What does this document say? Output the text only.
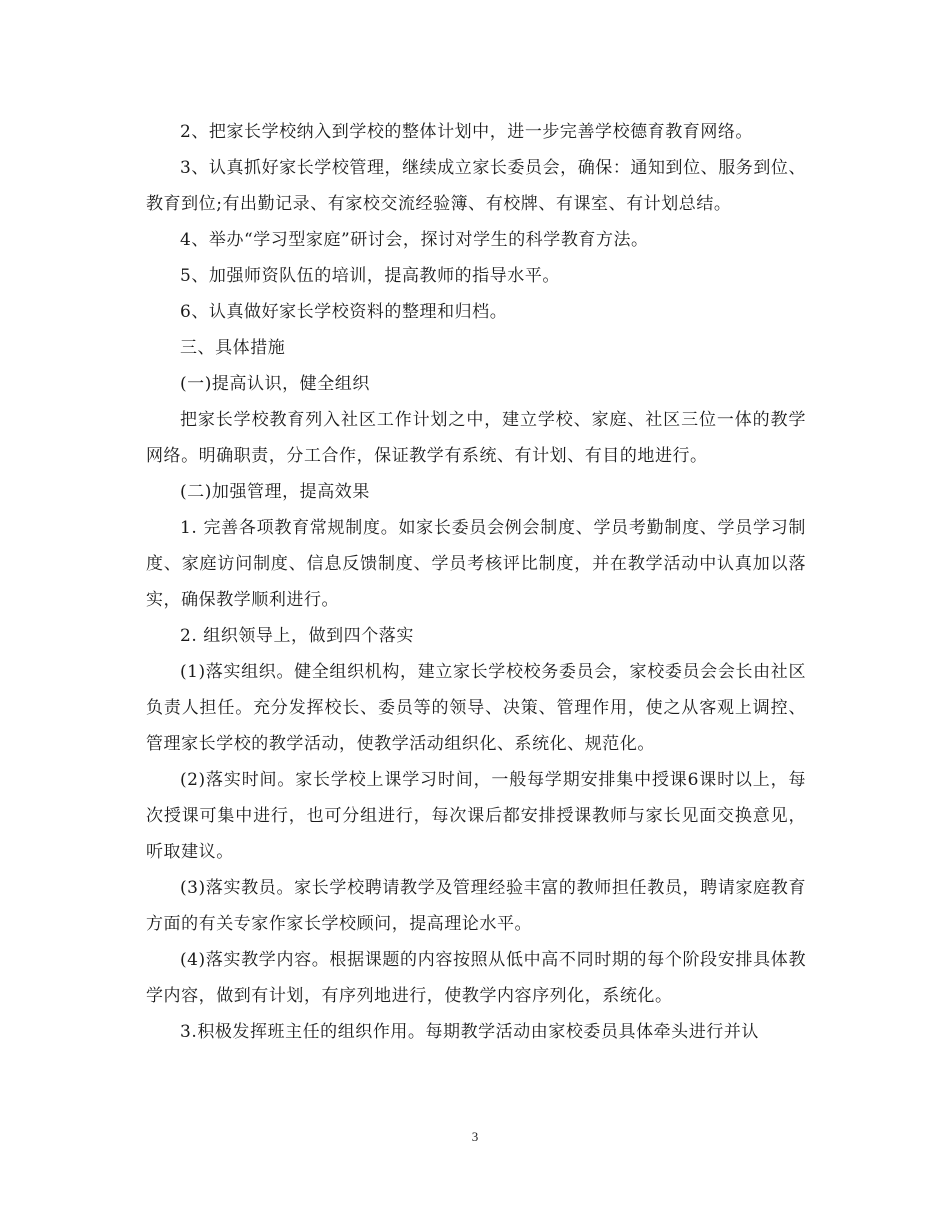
2、把家长学校纳入到学校的整体计划中，进一步完善学校德育教育网络。

3、认真抓好家长学校管理，继续成立家长委员会，确保：通知到位、服务到位、教育到位;有出勤记录、有家校交流经验簿、有校牌、有课室、有计划总结。

4、举办“学习型家庭”研讨会，探讨对学生的科学教育方法。

5、加强师资队伍的培训，提高教师的指导水平。

6、认真做好家长学校资料的整理和归档。

三、具体措施

(一)提高认识，健全组织

把家长学校教育列入社区工作计划之中，建立学校、家庭、社区三位一体的教学网络。明确职责，分工合作，保证教学有系统、有计划、有目的地进行。

(二)加强管理，提高效果

1. 完善各项教育常规制度。如家长委员会例会制度、学员考勤制度、学员学习制度、家庭访问制度、信息反馈制度、学员考核评比制度，并在教学活动中认真加以落实，确保教学顺利进行。

2. 组织领导上，做到四个落实

(1)落实组织。健全组织机构，建立家长学校校务委员会，家校委员会会长由社区负责人担任。充分发挥校长、委员等的领导、决策、管理作用，使之从客观上调控、管理家长学校的教学活动，使教学活动组织化、系统化、规范化。

(2)落实时间。家长学校上课学习时间，一般每学期安排集中授课6课时以上，每次授课可集中进行，也可分组进行，每次课后都安排授课教师与家长见面交换意见，听取建议。

(3)落实教员。家长学校聘请教学及管理经验丰富的教师担任教员，聘请家庭教育方面的有关专家作家长学校顾问，提高理论水平。

(4)落实教学内容。根据课题的内容按照从低中高不同时期的每个阶段安排具体教学内容，做到有计划，有序列地进行，使教学内容序列化，系统化。

3.积极发挥班主任的组织作用。每期教学活动由家校委员具体牵头进行并认

3
